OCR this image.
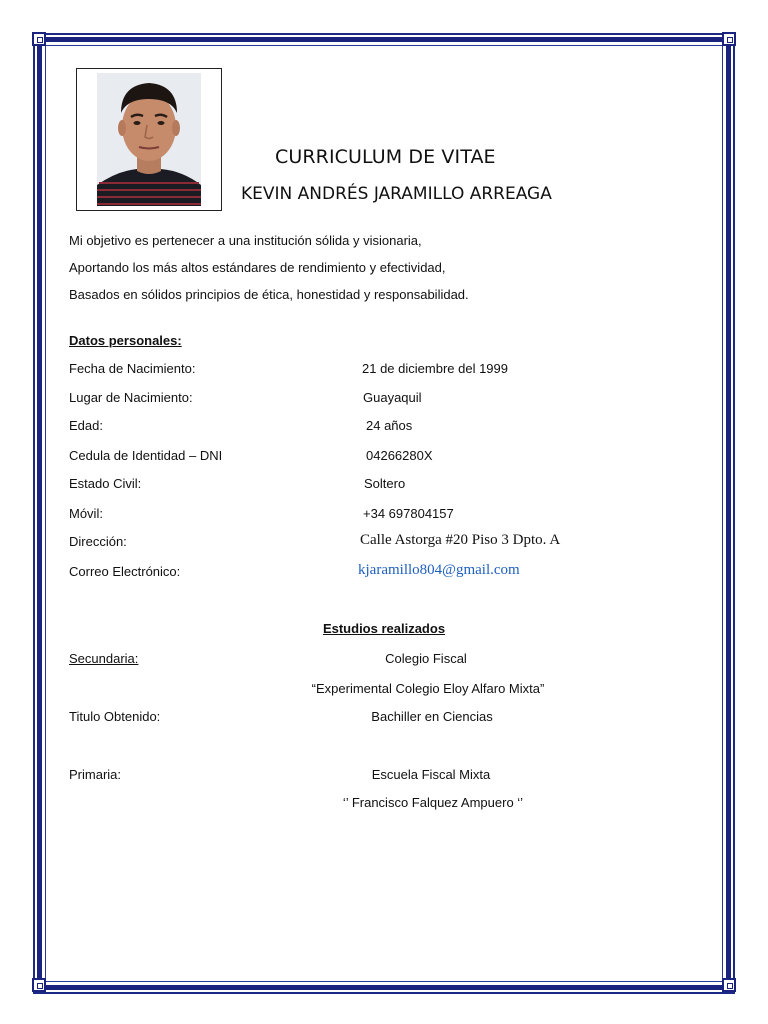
CURRICULUM DE VITAE
KEVIN ANDRÉS JARAMILLO ARREAGA
Mi objetivo es pertenecer a una institución sólida y visionaria,
Aportando los más altos estándares de rendimiento y efectividad,
Basados en sólidos principios de ética, honestidad y responsabilidad.
Datos personales:
Fecha de Nacimiento:	21 de diciembre del 1999
Lugar de Nacimiento:	Guayaquil
Edad:	24 años
Cedula de Identidad – DNI	04266280X
Estado Civil:	Soltero
Móvil:	+34 697804157
Dirección:	Calle Astorga #20 Piso 3 Dpto. A
Correo Electrónico:	kjaramillo804@gmail.com
Estudios realizados
Secundaria:	Colegio Fiscal
“Experimental Colegio Eloy Alfaro Mixta”
Titulo Obtenido:	Bachiller en Ciencias
Primaria:	Escuela Fiscal Mixta
‘’ Francisco Falquez Ampuero ‘’
